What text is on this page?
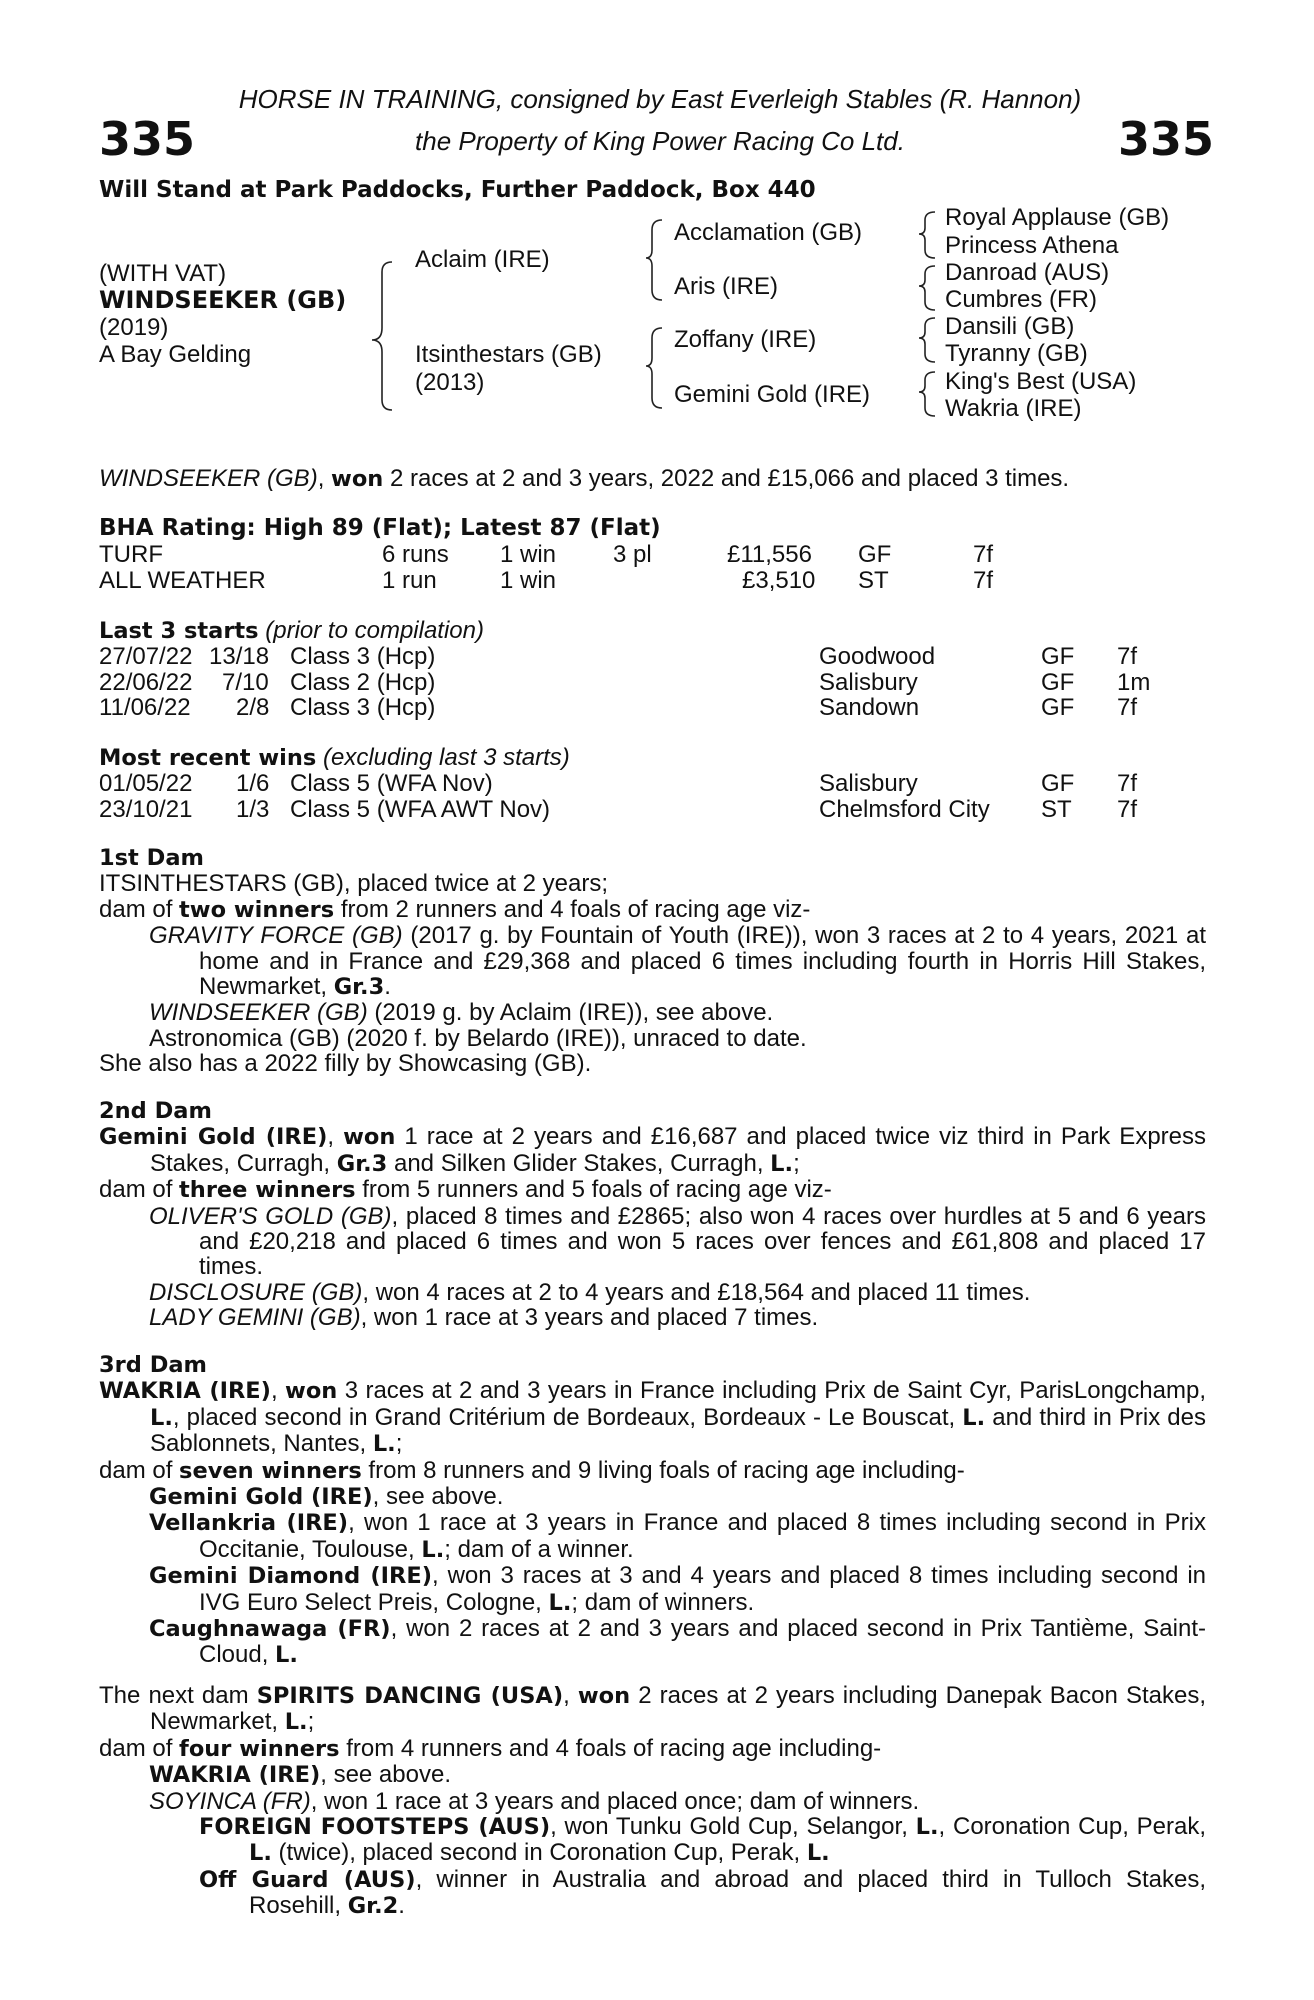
335	335
HORSE IN TRAINING, consigned by East Everleigh Stables (R. Hannon)
the Property of King Power Racing Co Ltd.
Will Stand at Park Paddocks, Further Paddock, Box 440
(WITH VAT)
WINDSEEKER (GB)
(2019)
A Bay Gelding
Aclaim (IRE)
Itsinthestars (GB)
(2013)
Acclamation (GB)
Aris (IRE)
Zoffany (IRE)
Gemini Gold (IRE)
Royal Applause (GB)
Princess Athena
Danroad (AUS)
Cumbres (FR)
Dansili (GB)
Tyranny (GB)
King's Best (USA)
Wakria (IRE)
WINDSEEKER (GB), won 2 races at 2 and 3 years, 2022 and £15,066 and placed 3 times.
BHA Rating: High 89 (Flat); Latest 87 (Flat)
TURF	6 runs 1 win 3 pl	£11,556 GF	7f
ALL WEATHER	1 run	1 win	£3,510 ST	7f
Last 3 starts (prior to compilation)
27/07/22 13/18 Class 3 (Hcp)	Goodwood	GF 7f
22/06/22 7/10 Class 2 (Hcp)	Salisbury	GF 1m
11/06/22 2/8 Class 3 (Hcp)	Sandown	GF 7f
Most recent wins (excluding last 3 starts)
01/05/22 1/6 Class 5 (WFA Nov)	Salisbury	GF 7f
23/10/21 1/3 Class 5 (WFA AWT Nov)	Chelmsford City ST 7f

1st Dam

ITSINTHESTARS (GB), placed twice at 2 years;

dam of two winners from 2 runners and 4 foals of racing age viz-

GRAVITY FORCE (GB) (2017 g. by Fountain of Youth (IRE)), won 3 races at 2 to 4 years, 2021 at home and in France and £29,368 and placed 6 times including fourth in Horris Hill Stakes, Newmarket, Gr.3.

WINDSEEKER (GB) (2019 g. by Aclaim (IRE)), see above.

Astronomica (GB) (2020 f. by Belardo (IRE)), unraced to date.

She also has a 2022 filly by Showcasing (GB).

2nd Dam

Gemini Gold (IRE), won 1 race at 2 years and £16,687 and placed twice viz third in Park Express Stakes, Curragh, Gr.3 and Silken Glider Stakes, Curragh, L.;

dam of three winners from 5 runners and 5 foals of racing age viz-

OLIVER'S GOLD (GB), placed 8 times and £2865; also won 4 races over hurdles at 5 and 6 years and £20,218 and placed 6 times and won 5 races over fences and £61,808 and placed 17 times.

DISCLOSURE (GB), won 4 races at 2 to 4 years and £18,564 and placed 11 times.

LADY GEMINI (GB), won 1 race at 3 years and placed 7 times.

3rd Dam

WAKRIA (IRE), won 3 races at 2 and 3 years in France including Prix de Saint Cyr, ParisLongchamp, L., placed second in Grand Critérium de Bordeaux, Bordeaux - Le Bouscat, L. and third in Prix des Sablonnets, Nantes, L.;

dam of seven winners from 8 runners and 9 living foals of racing age including-

Gemini Gold (IRE), see above.

Vellankria (IRE), won 1 race at 3 years in France and placed 8 times including second in Prix Occitanie, Toulouse, L.; dam of a winner.

Gemini Diamond (IRE), won 3 races at 3 and 4 years and placed 8 times including second in IVG Euro Select Preis, Cologne, L.; dam of winners.

Caughnawaga (FR), won 2 races at 2 and 3 years and placed second in Prix Tantième, Saint-Cloud, L.

The next dam SPIRITS DANCING (USA), won 2 races at 2 years including Danepak Bacon Stakes, Newmarket, L.;

dam of four winners from 4 runners and 4 foals of racing age including-

WAKRIA (IRE), see above.

SOYINCA (FR), won 1 race at 3 years and placed once; dam of winners.

FOREIGN FOOTSTEPS (AUS), won Tunku Gold Cup, Selangor, L., Coronation Cup, Perak, L. (twice), placed second in Coronation Cup, Perak, L.

Off Guard (AUS), winner in Australia and abroad and placed third in Tulloch Stakes, Rosehill, Gr.2.
